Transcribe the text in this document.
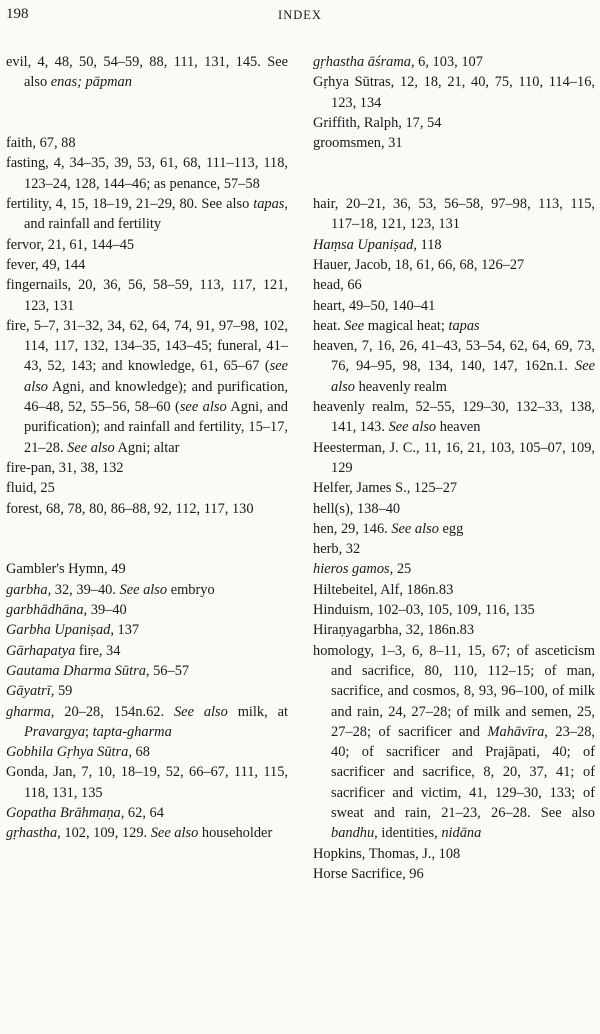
198	INDEX
evil, 4, 48, 50, 54–59, 88, 111, 131, 145. See also enas; pāpman
faith, 67, 88
fasting, 4, 34–35, 39, 53, 61, 68, 111–113, 118, 123–24, 128, 144–46; as penance, 57–58
fertility, 4, 15, 18–19, 21–29, 80. See also tapas, and rainfall and fertility
fervor, 21, 61, 144–45
fever, 49, 144
fingernails, 20, 36, 56, 58–59, 113, 117, 121, 123, 131
fire, 5–7, 31–32, 34, 62, 64, 74, 91, 97–98, 102, 114, 117, 132, 134–35, 143–45; funeral, 41–43, 52, 143; and knowledge, 61, 65–67 (see also Agni, and knowledge); and purification, 46–48, 52, 55–56, 58–60 (see also Agni, and purification); and rainfall and fertility, 15–17, 21–28. See also Agni; altar
fire-pan, 31, 38, 132
fluid, 25
forest, 68, 78, 80, 86–88, 92, 112, 117, 130
Gambler's Hymn, 49
garbha, 32, 39–40. See also embryo
garbhādhāna, 39–40
Garbha Upaniṣad, 137
Gārhapatya fire, 34
Gautama Dharma Sūtra, 56–57
Gāyatrī, 59
gharma, 20–28, 154n.62. See also milk, at Pravargya; tapta-gharma
Gobhila Gṛhya Sūtra, 68
Gonda, Jan, 7, 10, 18–19, 52, 66–67, 111, 115, 118, 131, 135
Gopatha Brāhmaṇa, 62, 64
gṛhastha, 102, 109, 129. See also householder
gṛhastha āśrama, 6, 103, 107
Gṛhya Sūtras, 12, 18, 21, 40, 75, 110, 114–16, 123, 134
Griffith, Ralph, 17, 54
groomsmen, 31
hair, 20–21, 36, 53, 56–58, 97–98, 113, 115, 117–18, 121, 123, 131
Haṃsa Upaniṣad, 118
Hauer, Jacob, 18, 61, 66, 68, 126–27
head, 66
heart, 49–50, 140–41
heat. See magical heat; tapas
heaven, 7, 16, 26, 41–43, 53–54, 62, 64, 69, 73, 76, 94–95, 98, 134, 140, 147, 162n.1. See also heavenly realm
heavenly realm, 52–55, 129–30, 132–33, 138, 141, 143. See also heaven
Heesterman, J. C., 11, 16, 21, 103, 105–07, 109, 129
Helfer, James S., 125–27
hell(s), 138–40
hen, 29, 146. See also egg
herb, 32
hieros gamos, 25
Hiltebeitel, Alf, 186n.83
Hinduism, 102–03, 105, 109, 116, 135
Hiraṇyagarbha, 32, 186n.83
homology, 1–3, 6, 8–11, 15, 67; of asceticism and sacrifice, 80, 110, 112–15; of man, sacrifice, and cosmos, 8, 93, 96–100, of milk and rain, 24, 27–28; of milk and semen, 25, 27–28; of sacrificer and Mahāvīra, 23–28, 40; of sacrificer and Prajāpati, 40; of sacrificer and sacrifice, 8, 20, 37, 41; of sacrificer and victim, 41, 129–30, 133; of sweat and rain, 21–23, 26–28. See also bandhu, identities, nidāna
Hopkins, Thomas, J., 108
Horse Sacrifice, 96
